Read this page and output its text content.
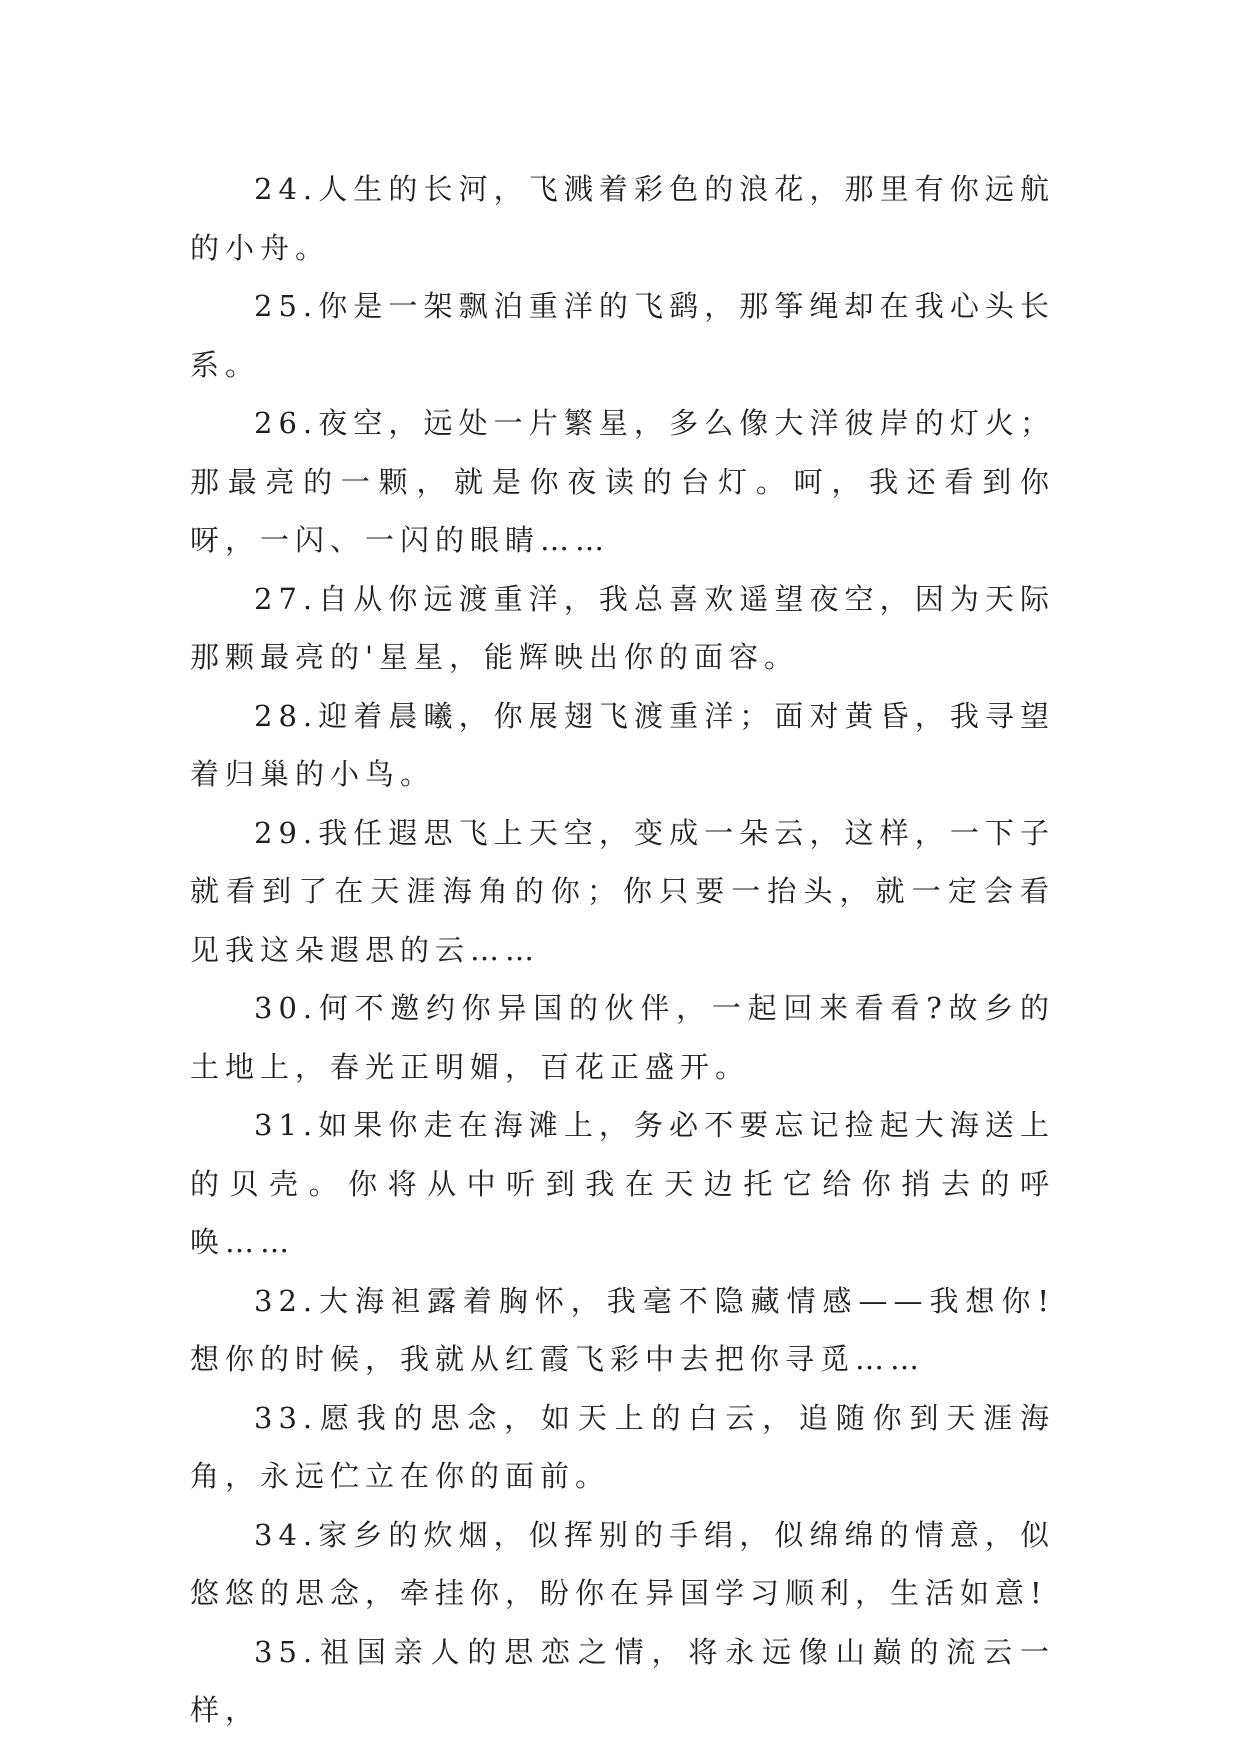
24.人生的长河，飞溅着彩色的浪花，那里有你远航的小舟。

25.你是一架飘泊重洋的飞鹞，那筝绳却在我心头长系。

26.夜空，远处一片繁星，多么像大洋彼岸的灯火；那最亮的一颗，就是你夜读的台灯。呵，我还看到你呀，一闪、一闪的眼睛……

27.自从你远渡重洋，我总喜欢遥望夜空，因为天际那颗最亮的'星星，能辉映出你的面容。

28.迎着晨曦，你展翅飞渡重洋；面对黄昏，我寻望着归巢的小鸟。

29.我任遐思飞上天空，变成一朵云，这样，一下子就看到了在天涯海角的你；你只要一抬头，就一定会看见我这朵遐思的云……

30.何不邀约你异国的伙伴，一起回来看看?故乡的土地上，春光正明媚，百花正盛开。

31.如果你走在海滩上，务必不要忘记捡起大海送上的贝壳。你将从中听到我在天边托它给你捎去的呼唤……

32.大海袒露着胸怀，我毫不隐藏情感——我想你!想你的时候，我就从红霞飞彩中去把你寻觅……

33.愿我的思念，如天上的白云，追随你到天涯海角，永远伫立在你的面前。

34.家乡的炊烟，似挥别的手绢，似绵绵的情意，似悠悠的思念，牵挂你，盼你在异国学习顺利，生活如意!

35.祖国亲人的思恋之情，将永远像山巅的流云一样，
